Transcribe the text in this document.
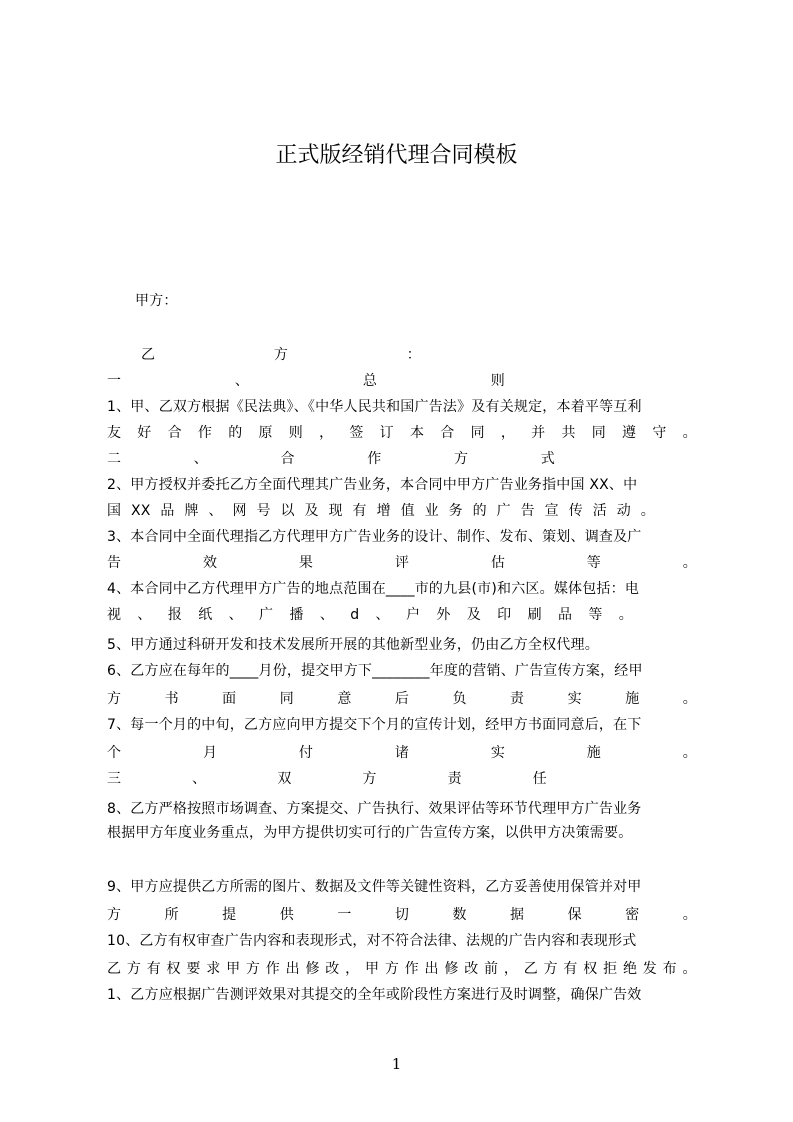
正式版经销代理合同模板
甲方：
乙	方	：
一	、	总	则
1、甲、乙双方根据《民法典》、《中华人民共和国广告法》及有关规定，本着平等互利
友 好 合 作 的 原 则 ， 签 订 本 合 同 ， 并 共 同 遵 守 。
二	、	合	作	方	式
2、甲方授权并委托乙方全面代理其广告业务，本合同中甲方广告业务指中国 XX、中
国 XX 品 牌 、 网 号 以 及 现 有 增 值 业 务 的 广 告 宣 传 活 动 。
3、本合同中全面代理指乙方代理甲方广告业务的设计、制作、发布、策划、调查及广
告	效	果	评	估	等	。
4、本合同中乙方代理甲方广告的地点范围在____市的九县(市)和六区。媒体包括：电
视 、 报 纸 、 广 播 、 d 、 户 外 及 印 刷 品 等 。
5、甲方通过科研开发和技术发展所开展的其他新型业务，仍由乙方全权代理。
6、乙方应在每年的____月份，提交甲方下________年度的营销、广告宣传方案，经甲
方	书	面	同	意	后	负	责	实	施	。
7、每一个月的中旬，乙方应向甲方提交下个月的宣传计划，经甲方书面同意后，在下
个	月	付	诸	实	施	。
三	、	双	方	责	任
8、乙方严格按照市场调查、方案提交、广告执行、效果评估等环节代理甲方广告业务
根据甲方年度业务重点，为甲方提供切实可行的广告宣传方案，以供甲方决策需要。
9、甲方应提供乙方所需的图片、数据及文件等关键性资料，乙方妥善使用保管并对甲
方	所	提	供	一	切	数	据	保	密	。
10、乙方有权审查广告内容和表现形式，对不符合法律、法规的广告内容和表现形式
乙 方 有 权 要 求 甲 方 作 出 修 改 ， 甲 方 作 出 修 改 前 ， 乙 方 有 权 拒 绝 发 布 。
1、乙方应根据广告测评效果对其提交的全年或阶段性方案进行及时调整，确保广告效
1
